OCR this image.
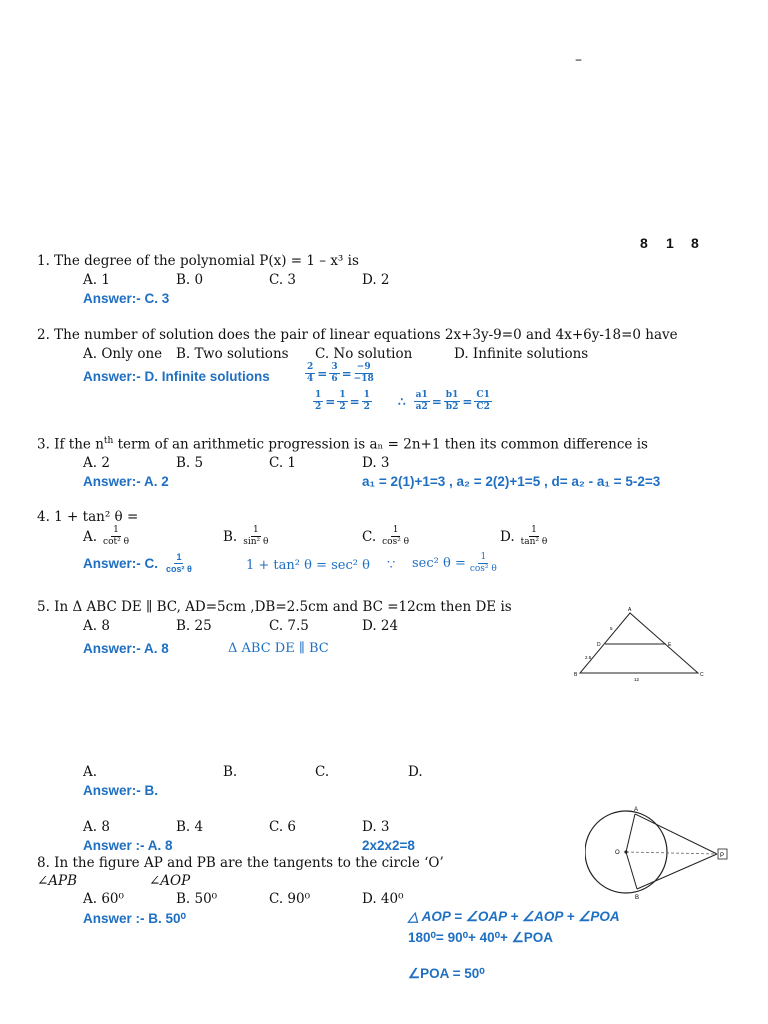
–
8 1 8
1. The degree of the polynomial P(x) = 1 – x³ is
A. 1	B. 0	C. 3	D. 2
Answer:- C. 3
2. The number of solution does the pair of linear equations 2x+3y-9=0 and 4x+6y-18=0 have
A. Only one B. Two solutions C. No solution	D. Infinite solutions
Answer:- D. Infinite solutions	$\frac{2}{4} = \frac{3}{6} = \frac{-9}{-18}$
$\frac{1}{2} = \frac{1}{2} = \frac{1}{2}$ ∴ $\frac{a1}{a2} = \frac{b1}{b2} = \frac{C1}{C2}$
3. If the $n^{th}$ term of an arithmetic progression is aₙ = 2n+1 then its common difference is
A. 2	B. 5	C. 1	D. 3
Answer:- A. 2	a₁ = 2(1)+1=3 , a₂ = 2(2)+1=5 , d= a₂ - a₁ = 5-2=3
4. 1 + tan² θ =
A. $\frac{1}{\text{cot² θ}}$	B. $\frac{1}{\text{sin² θ}}$	C. $\frac{1}{\text{cos² θ}}$	D. $\frac{1}{\text{tan² θ}}$
Answer:- C. $\frac{1}{\text{cos² θ}}$	1 + tan² θ = sec² θ ∵ sec² $\theta = \frac{1}{\text{cos² θ}}$
5. In Δ ABC DE ∥ BC, AD=5cm ,DB=2.5cm and BC =12cm then DE is
A. 8	B. 25	C. 7.5	D. 24
Answer:- A. 8	Δ ABC DE ∥ BC
A
D	E
B	C
5
2.5
12
A.	B.	C.	D.
Answer:- B.
A. 8	B. 4	C. 6	D. 3
Answer :- A. 8	2x2x2=8
8. In the figure AP and PB are the tangents to the circle ‘O’
∠APB	∠AOP
A. 60⁰	B. 50⁰	C. 90⁰	D. 40⁰
Answer :- B. 50⁰	△ AOP = ∠OAP + ∠AOP + ∠POA
180⁰= 90⁰+ 40⁰+ ∠POA
∠POA = 50⁰
P
A
O
B
